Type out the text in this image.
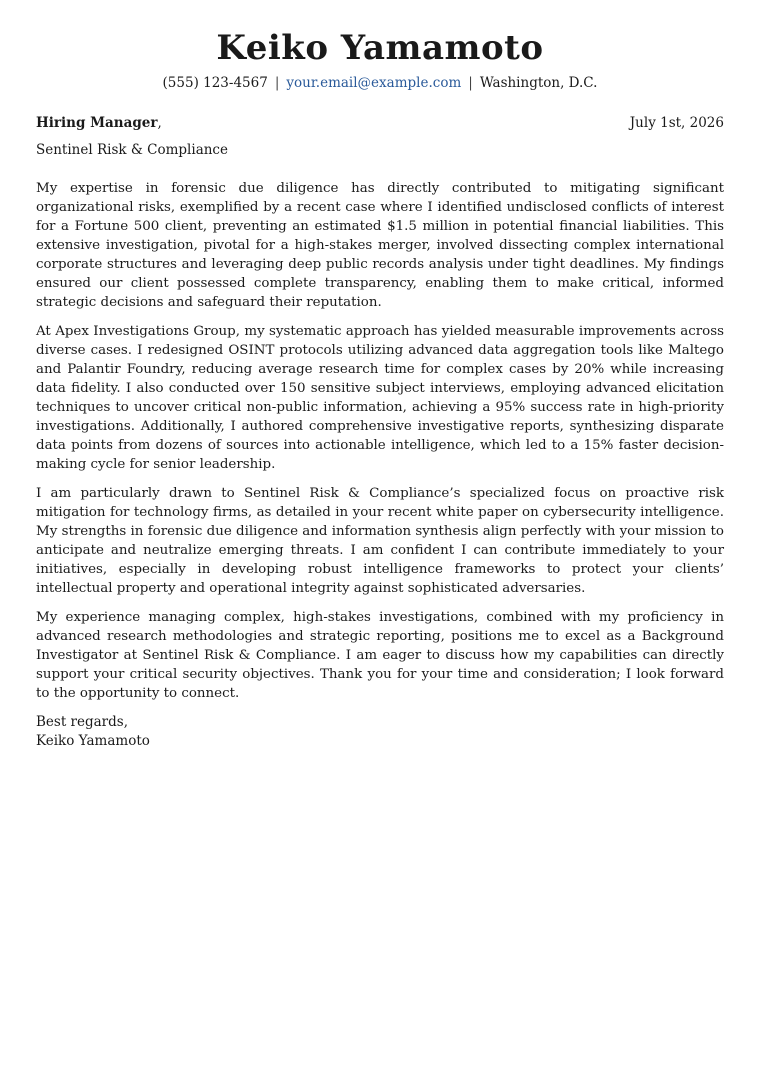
Keiko Yamamoto
(555) 123-4567 | your.email@example.com | Washington, D.C.
Hiring Manager,	July 1st, 2026
Sentinel Risk & Compliance

My expertise in forensic due diligence has directly contributed to mitigating significant organizational risks, exemplified by a recent case where I identified undisclosed conflicts of interest for a Fortune 500 client, preventing an estimated $1.5 million in potential financial liabilities. This extensive investigation, pivotal for a high-stakes merger, involved dissecting complex international corporate structures and leveraging deep public records analysis under tight deadlines. My findings ensured our client possessed complete transparency, enabling them to make critical, informed strategic decisions and safeguard their reputation.

At Apex Investigations Group, my systematic approach has yielded measurable improvements across diverse cases. I redesigned OSINT protocols utilizing advanced data aggregation tools like Maltego and Palantir Foundry, reducing average research time for complex cases by 20% while increasing data fidelity. I also conducted over 150 sensitive subject interviews, employing advanced elicitation techniques to uncover critical non-public information, achieving a 95% success rate in high-priority investigations. Additionally, I authored comprehensive investigative reports, synthesizing disparate data points from dozens of sources into actionable intelligence, which led to a 15% faster decision-making cycle for senior leadership.

I am particularly drawn to Sentinel Risk & Compliance’s specialized focus on proactive risk mitigation for technology firms, as detailed in your recent white paper on cybersecurity intelligence. My strengths in forensic due diligence and information synthesis align perfectly with your mission to anticipate and neutralize emerging threats. I am confident I can contribute immediately to your initiatives, especially in developing robust intelligence frameworks to protect your clients’ intellectual property and operational integrity against sophisticated adversaries.

My experience managing complex, high-stakes investigations, combined with my proficiency in advanced research methodologies and strategic reporting, positions me to excel as a Background Investigator at Sentinel Risk & Compliance. I am eager to discuss how my capabilities can directly support your critical security objectives. Thank you for your time and consideration; I look forward to the opportunity to connect.

Best regards,
Keiko Yamamoto
